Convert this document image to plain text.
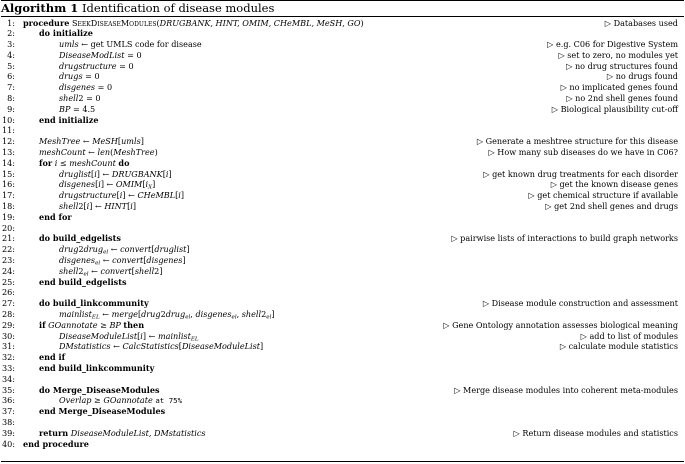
Algorithm 1 Identification of disease modules
1: procedure SeekDiseaseModules(DRUGBANK, HINT, OMIM, CHeMBL, MeSH, GO)	▷ Databases used
2:	do initialize
3:	umls ← get UMLS code for disease	▷ e.g. C06 for Digestive System
4:	DiseaseModList = 0	▷ set to zero, no modules yet
5:	drugstructure = 0	▷ no drug structures found
6:	drugs = 0	▷ no drugs found
7:	disgenes = 0	▷ no implicated genes found
8:	shell2 = 0	▷ no 2nd shell genes found
9:	BP = 4.5	▷ Biological plausibility cut-off
10:	end initialize
11:
12:	MeshTree ← MeSH[umls]	▷ Generate a meshtree structure for this disease
13:	meshCount ← len(MeshTree)	▷ How many sub diseases do we have in C06?
14:	for i ≤ meshCount do
15:	druglist[i] ← DRUGBANK[i]	▷ get known drug treatments for each disorder
16:	disgenes[i] ← $OMIM[i_X]$	▷ get the known disease genes
17:	drugstructure[i] ← CHeMBL[i]	▷ get chemical structure if available
18:	shell2[i] ← HINT[i]	▷ get 2nd shell genes and drugs
19:	end for
20:
21:	do build_edgelists	▷ pairwise lists of interactions to build graph networks
22:	drug2drug$_{el}$ ← convert[druglist]
23:	disgenes$_{el}$ ← convert[disgenes]
24:	$shell2_{el}$ ← convert[shell2]
25:	end build_edgelists
26:
27:	do build_linkcommunity	▷ Disease module construction and assessment
28:	mainlist$_{EL}$ ← merge[drug2drug$_{el}$, disgenes$_{el}$, $shell2_{el}$]
29:	if GOannotate ≥ BP then	▷ Gene Ontology annotation assesses biological meaning
30:	DiseaseModuleList[i] ← mainlist$_{EL}$	▷ add to list of modules
31:	DMstatistics ← CalcStatistics[DiseaseModuleList]	▷ calculate module statistics
32:	end if
33:	end build_linkcommunity
34:
35:	do Merge_DiseaseModules	▷ Merge disease modules into coherent meta-modules
36:	Overlap ≥ GOannotate at 75%
37:	end Merge_DiseaseModules
38:
39:	return DiseaseModuleList, DMstatistics	▷ Return disease modules and statistics
40: end procedure
